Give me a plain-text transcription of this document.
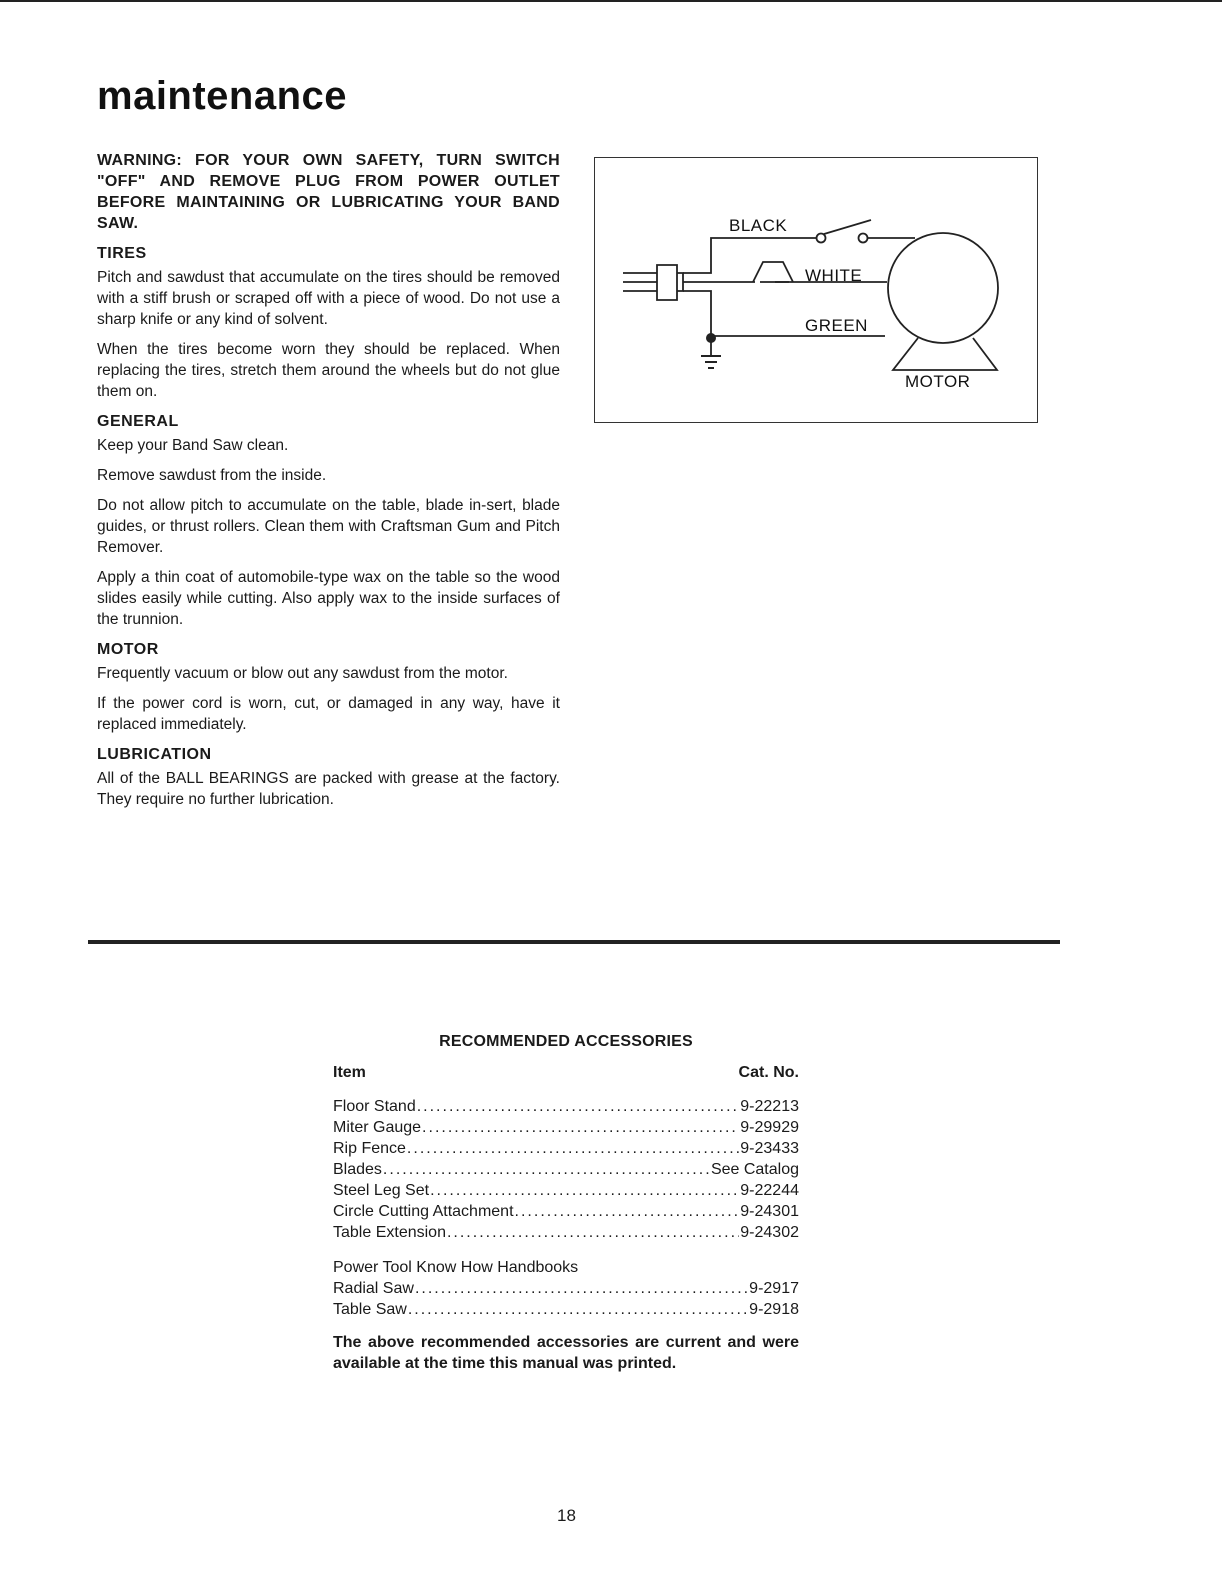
maintenance

WARNING: FOR YOUR OWN SAFETY, TURN SWITCH "OFF" AND REMOVE PLUG FROM POWER OUTLET BEFORE MAINTAINING OR LUBRICATING YOUR BAND SAW.

TIRES

Pitch and sawdust that accumulate on the tires should be removed with a stiff brush or scraped off with a piece of wood. Do not use a sharp knife or any kind of solvent.

When the tires become worn they should be replaced. When replacing the tires, stretch them around the wheels but do not glue them on.

GENERAL

Keep your Band Saw clean.

Remove sawdust from the inside.

Do not allow pitch to accumulate on the table, blade in-sert, blade guides, or thrust rollers. Clean them with Craftsman Gum and Pitch Remover.

Apply a thin coat of automobile-type wax on the table so the wood slides easily while cutting. Also apply wax to the inside surfaces of the trunnion.

MOTOR

Frequently vacuum or blow out any sawdust from the motor.

If the power cord is worn, cut, or damaged in any way, have it replaced immediately.

LUBRICATION

All of the BALL BEARINGS are packed with grease at the factory. They require no further lubrication.

BLACK
WHITE
GREEN
MOTOR
RECOMMENDED ACCESSORIES
Item	Cat. No.
Floor Stand .....	9-22213
Miter Gauge .....	9-29929
Rip Fence .....	9-23433
Blades .....	See Catalog
Steel Leg Set .....	9-22244
Circle Cutting Attachment .....	9-24301
Table Extension .....	9-24302
Power Tool Know How Handbooks
Radial Saw .....	9-2917
Table Saw .....	9-2918
The above recommended accessories are current and were available at the time this manual was printed.
18
